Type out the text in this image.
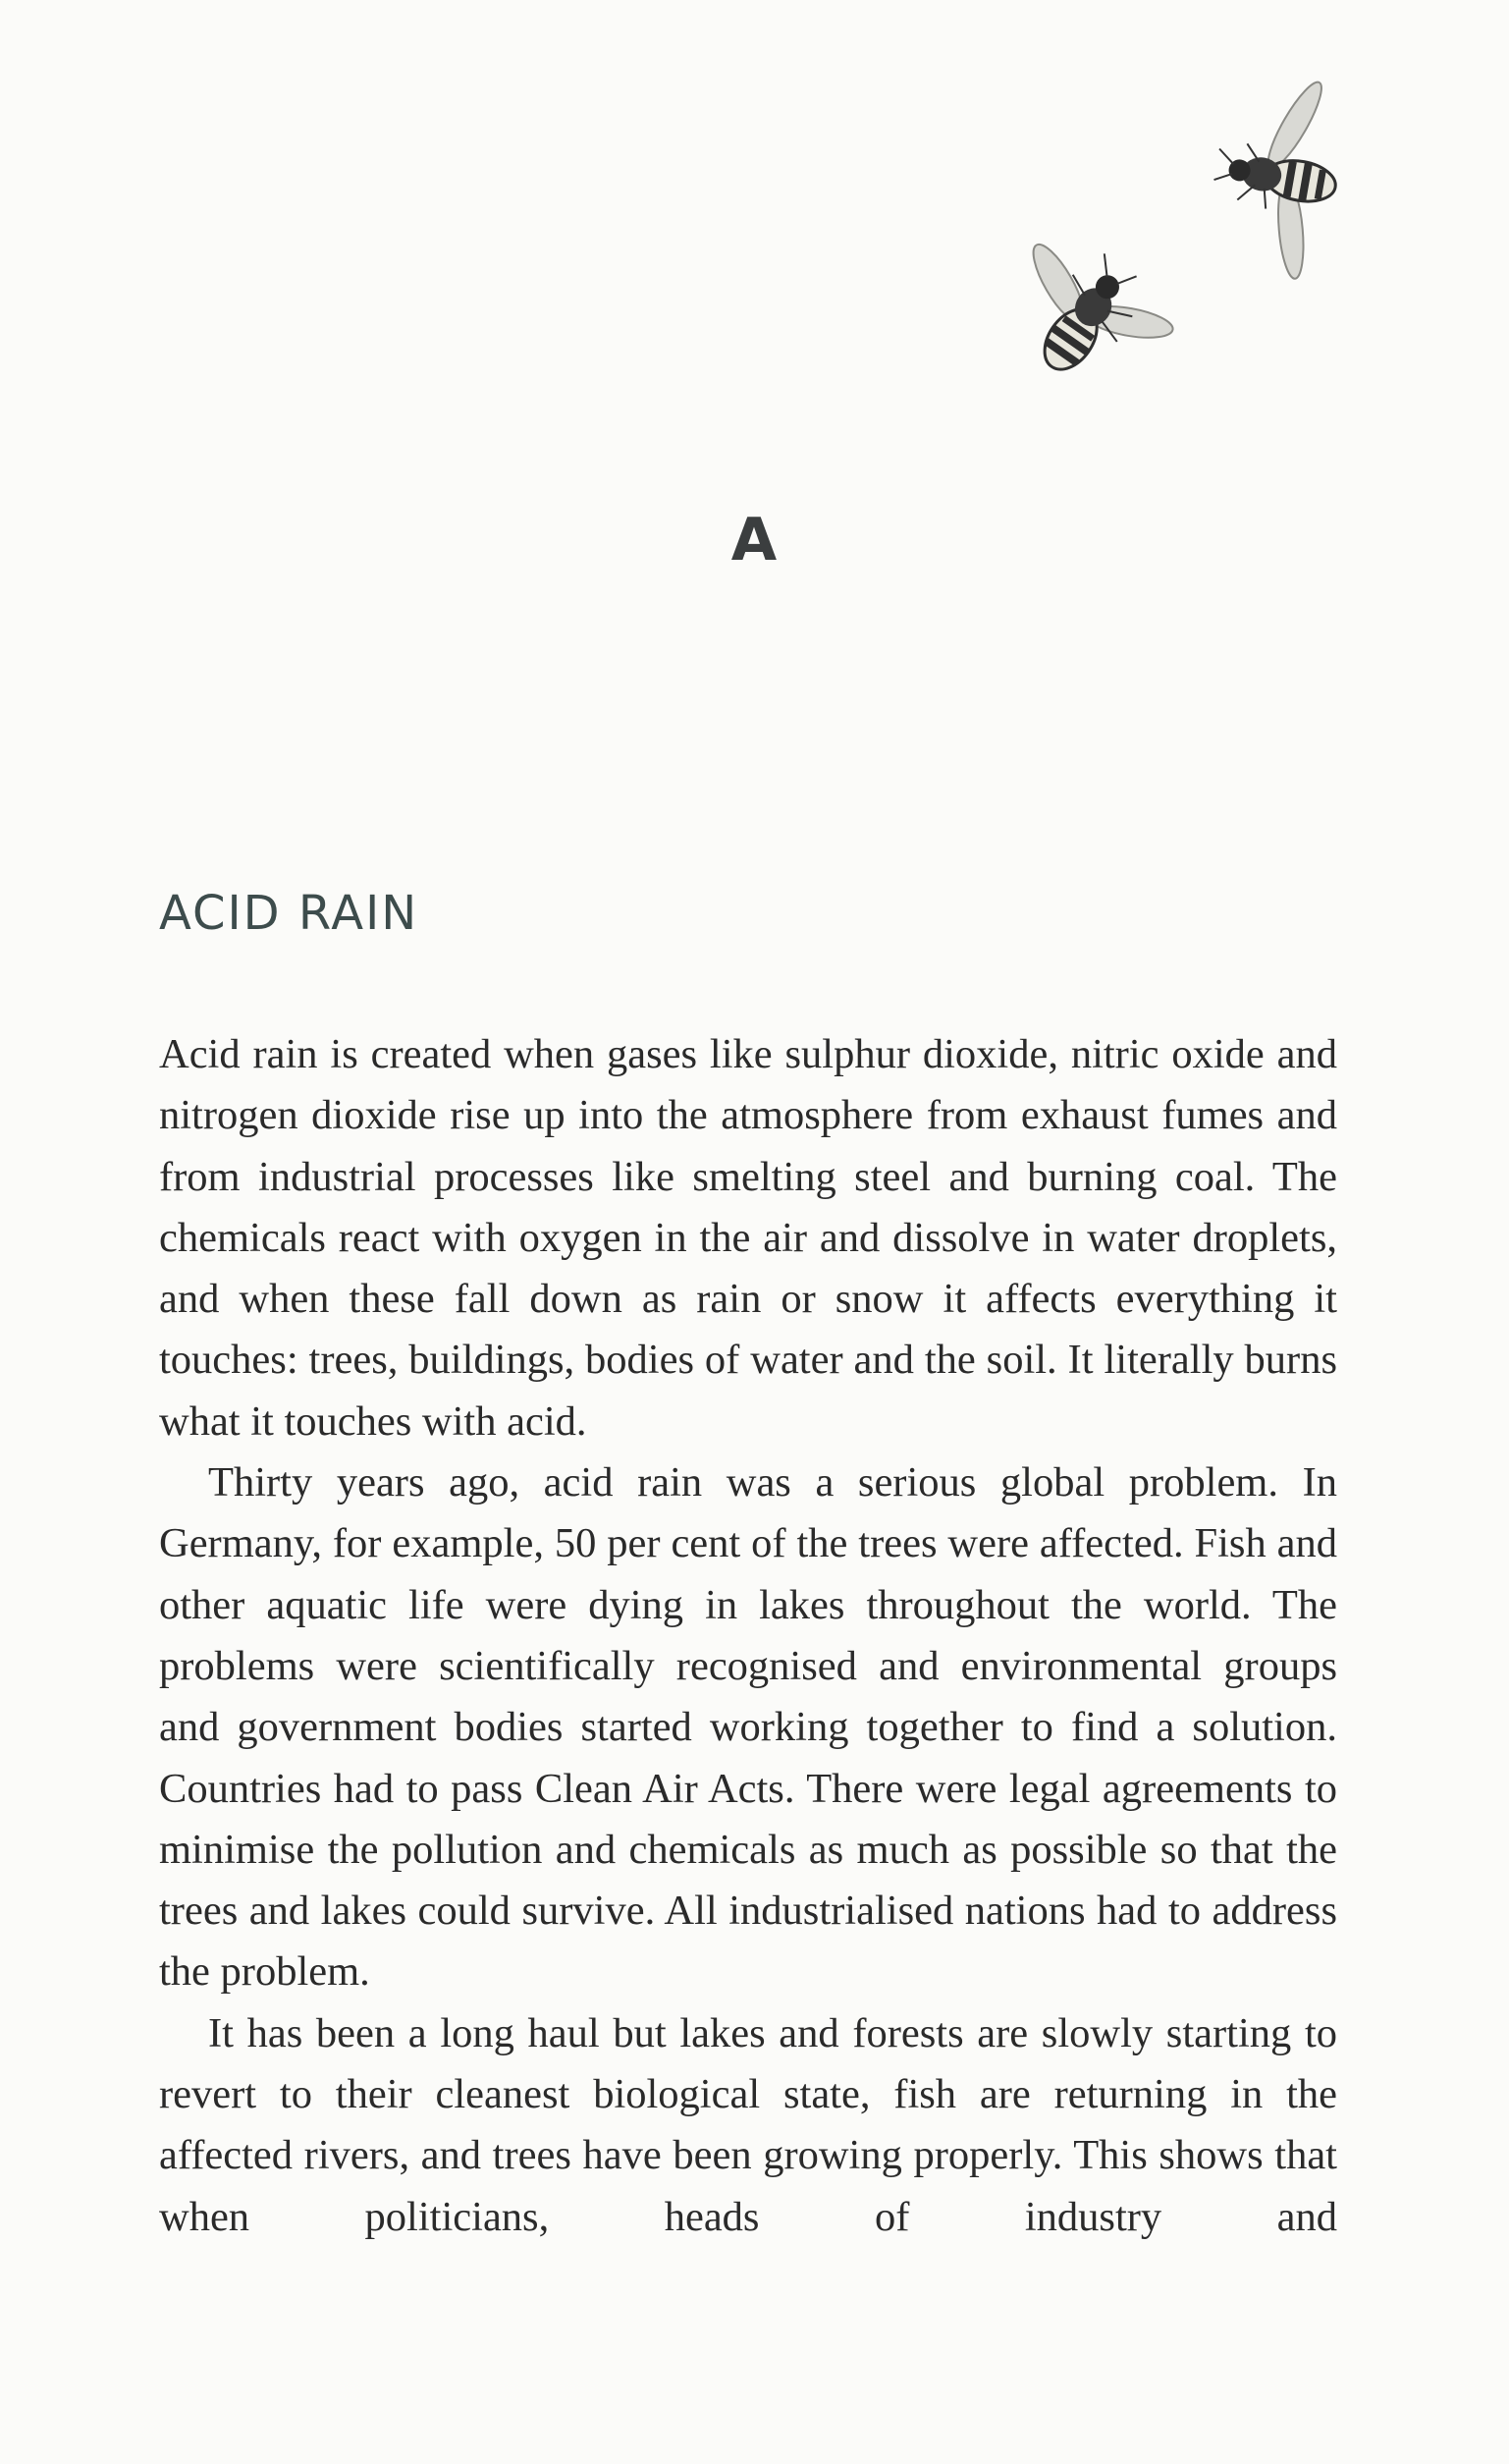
A
ACID RAIN

Acid rain is created when gases like sulphur dioxide, nitric oxide and nitrogen dioxide rise up into the atmosphere from exhaust fumes and from industrial processes like smelting steel and burning coal. The chemicals react with oxygen in the air and dissolve in water droplets, and when these fall down as rain or snow it affects everything it touches: trees, buildings, bodies of water and the soil. It literally burns what it touches with acid.

Thirty years ago, acid rain was a serious global problem. In Germany, for example, 50 per cent of the trees were affected. Fish and other aquatic life were dying in lakes throughout the world. The problems were scientifically recognised and environmental groups and government bodies started working together to find a solution. Countries had to pass Clean Air Acts. There were legal agreements to minimise the pollution and chemicals as much as possible so that the trees and lakes could survive. All industrialised nations had to address the problem.

It has been a long haul but lakes and forests are slowly starting to revert to their cleanest biological state, fish are returning in the affected rivers, and trees have been growing properly. This shows that when politicians, heads of industry and
